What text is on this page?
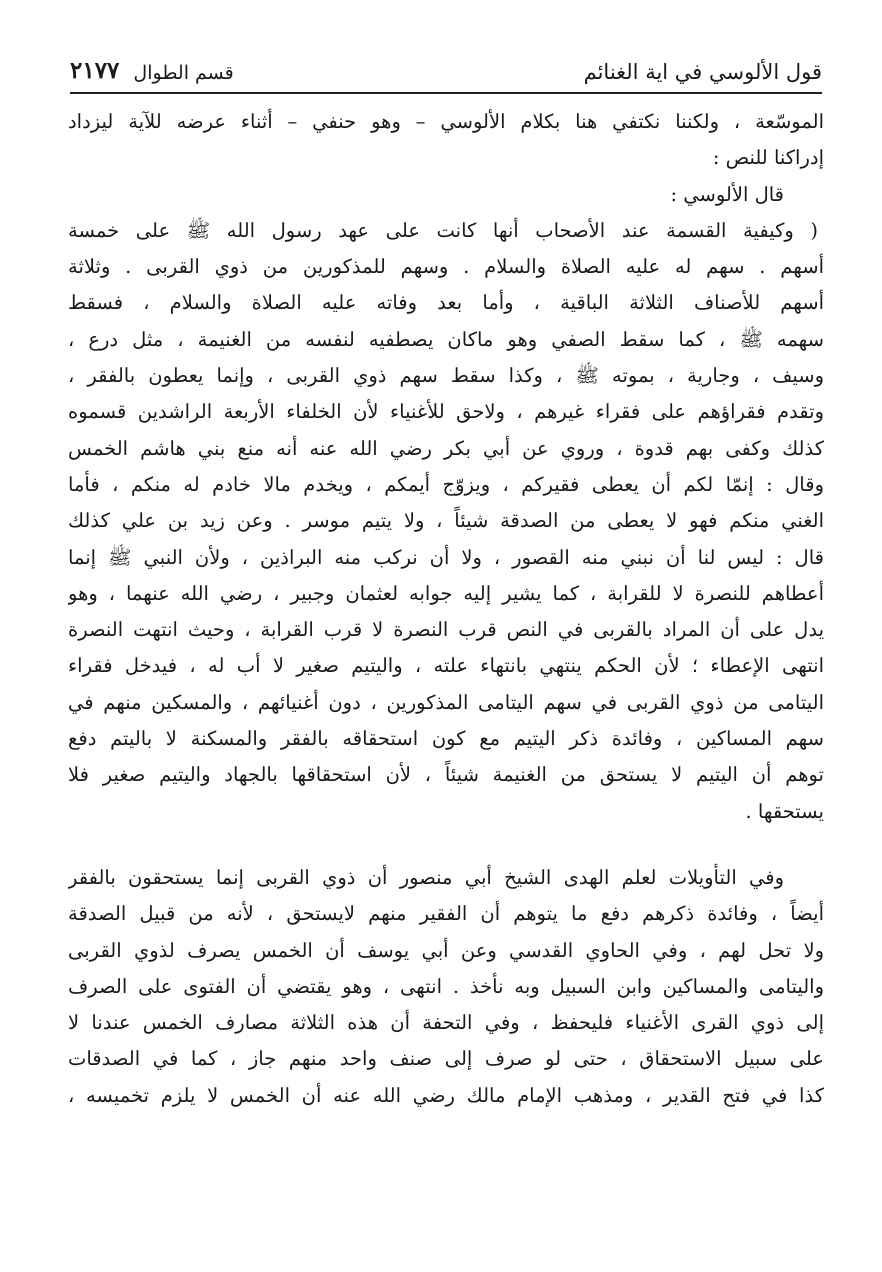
قول الألوسي في اية الغنائم
قسم الطوال
٢١٧٧
الموسّعة ، ولكننا نكتفي هنا بكلام الألوسي – وهو حنفي – أثناء عرضه للآية ليزداد
إدراكنا للنص :
قال الألوسي :
( وكيفية القسمة عند الأصحاب أنها كانت على عهد رسول الله ﷺ على خمسة
أسهم . سهم له عليه الصلاة والسلام . وسهم للمذكورين من ذوي القربى . وثلاثة
أسهم للأصناف الثلاثة الباقية ، وأما بعد وفاته عليه الصلاة والسلام ، فسقط
سهمه ﷺ ، كما سقط الصفي وهو ماكان يصطفيه لنفسه من الغنيمة ، مثل درع ،
وسيف ، وجارية ، بموته ﷺ ، وكذا سقط سهم ذوي القربى ، وإنما يعطون بالفقر ،
وتقدم فقراؤهم على فقراء غيرهم ، ولاحق للأغنياء لأن الخلفاء الأربعة الراشدين قسموه
كذلك وكفى بهم قدوة ، وروي عن أبي بكر رضي الله عنه أنه منع بني هاشم الخمس
وقال : إنمّا لكم أن يعطى فقيركم ، ويزوّج أيمكم ، ويخدم مالا خادم له منكم ، فأما
الغني منكم فهو لا يعطى من الصدقة شيئاً ، ولا يتيم موسر . وعن زيد بن علي كذلك
قال : ليس لنا أن نبني منه القصور ، ولا أن نركب منه البراذين ، ولأن النبي ﷺ إنما
أعطاهم للنصرة لا للقرابة ، كما يشير إليه جوابه لعثمان وجبير ، رضي الله عنهما ، وهو
يدل على أن المراد بالقربى في النص قرب النصرة لا قرب القرابة ، وحيث انتهت النصرة
انتهى الإعطاء ؛ لأن الحكم ينتهي بانتهاء علته ، واليتيم صغير لا أب له ، فيدخل فقراء
اليتامى من ذوي القربى في سهم اليتامى المذكورين ، دون أغنيائهم ، والمسكين منهم في
سهم المساكين ، وفائدة ذكر اليتيم مع كون استحقاقه بالفقر والمسكنة لا باليتم دفع
توهم أن اليتيم لا يستحق من الغنيمة شيئاً ، لأن استحقاقها بالجهاد واليتيم صغير فلا
يستحقها .
وفي التأويلات لعلم الهدى الشيخ أبي منصور أن ذوي القربى إنما يستحقون بالفقر
أيضاً ، وفائدة ذكرهم دفع ما يتوهم أن الفقير منهم لايستحق ، لأنه من قبيل الصدقة
ولا تحل لهم ، وفي الحاوي القدسي وعن أبي يوسف أن الخمس يصرف لذوي القربى
واليتامى والمساكين وابن السبيل وبه نأخذ . انتهى ، وهو يقتضي أن الفتوى على الصرف
إلى ذوي القرى الأغنياء فليحفظ ، وفي التحفة أن هذه الثلاثة مصارف الخمس عندنا لا
على سبيل الاستحقاق ، حتى لو صرف إلى صنف واحد منهم جاز ، كما في الصدقات
كذا في فتح القدير ، ومذهب الإمام مالك رضي الله عنه أن الخمس لا يلزم تخميسه ،
